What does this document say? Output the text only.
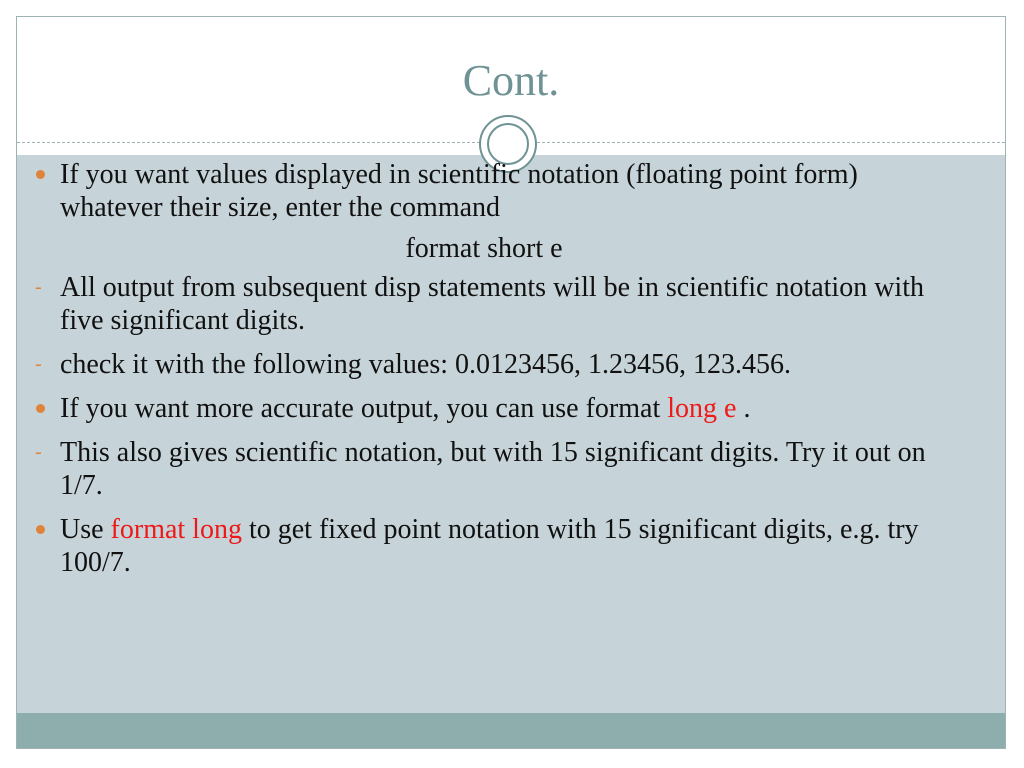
Cont.
If you want values displayed in scientific notation (floating point form) whatever their size, enter the command
format short e
- All output from subsequent disp statements will be in scientific notation with five significant digits.
- check it with the following values: 0.0123456, 1.23456, 123.456.
If you want more accurate output, you can use format long e .
- This also gives scientific notation, but with 15 significant digits. Try it out on 1/7.
Use format long to get fixed point notation with 15 significant digits, e.g. try 100/7.
